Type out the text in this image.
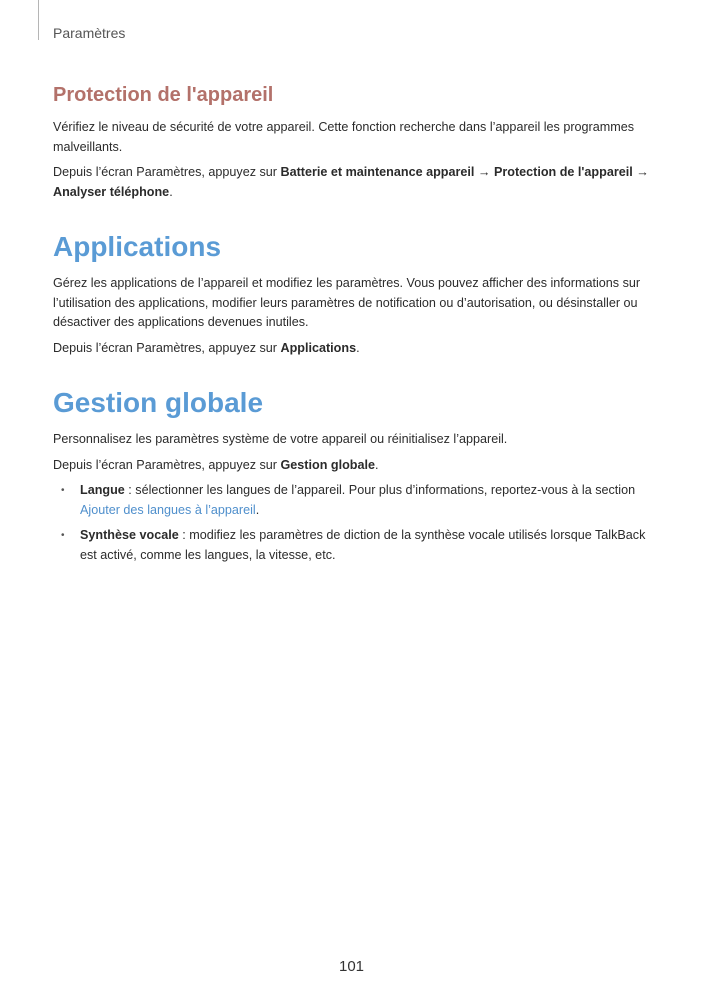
Paramètres
Protection de l'appareil

Vérifiez le niveau de sécurité de votre appareil. Cette fonction recherche dans l’appareil les programmes malveillants.

Depuis l’écran Paramètres, appuyez sur Batterie et maintenance appareil → Protection de l'appareil → Analyser téléphone.

Applications

Gérez les applications de l’appareil et modifiez les paramètres. Vous pouvez afficher des informations sur l’utilisation des applications, modifier leurs paramètres de notification ou d’autorisation, ou désinstaller ou désactiver des applications devenues inutiles.

Depuis l’écran Paramètres, appuyez sur Applications.

Gestion globale

Personnalisez les paramètres système de votre appareil ou réinitialisez l’appareil.

Depuis l’écran Paramètres, appuyez sur Gestion globale.

• Langue : sélectionner les langues de l’appareil. Pour plus d’informations, reportez-vous à la section Ajouter des langues à l’appareil.
• Synthèse vocale : modifiez les paramètres de diction de la synthèse vocale utilisés lorsque TalkBack est activé, comme les langues, la vitesse, etc.
101
